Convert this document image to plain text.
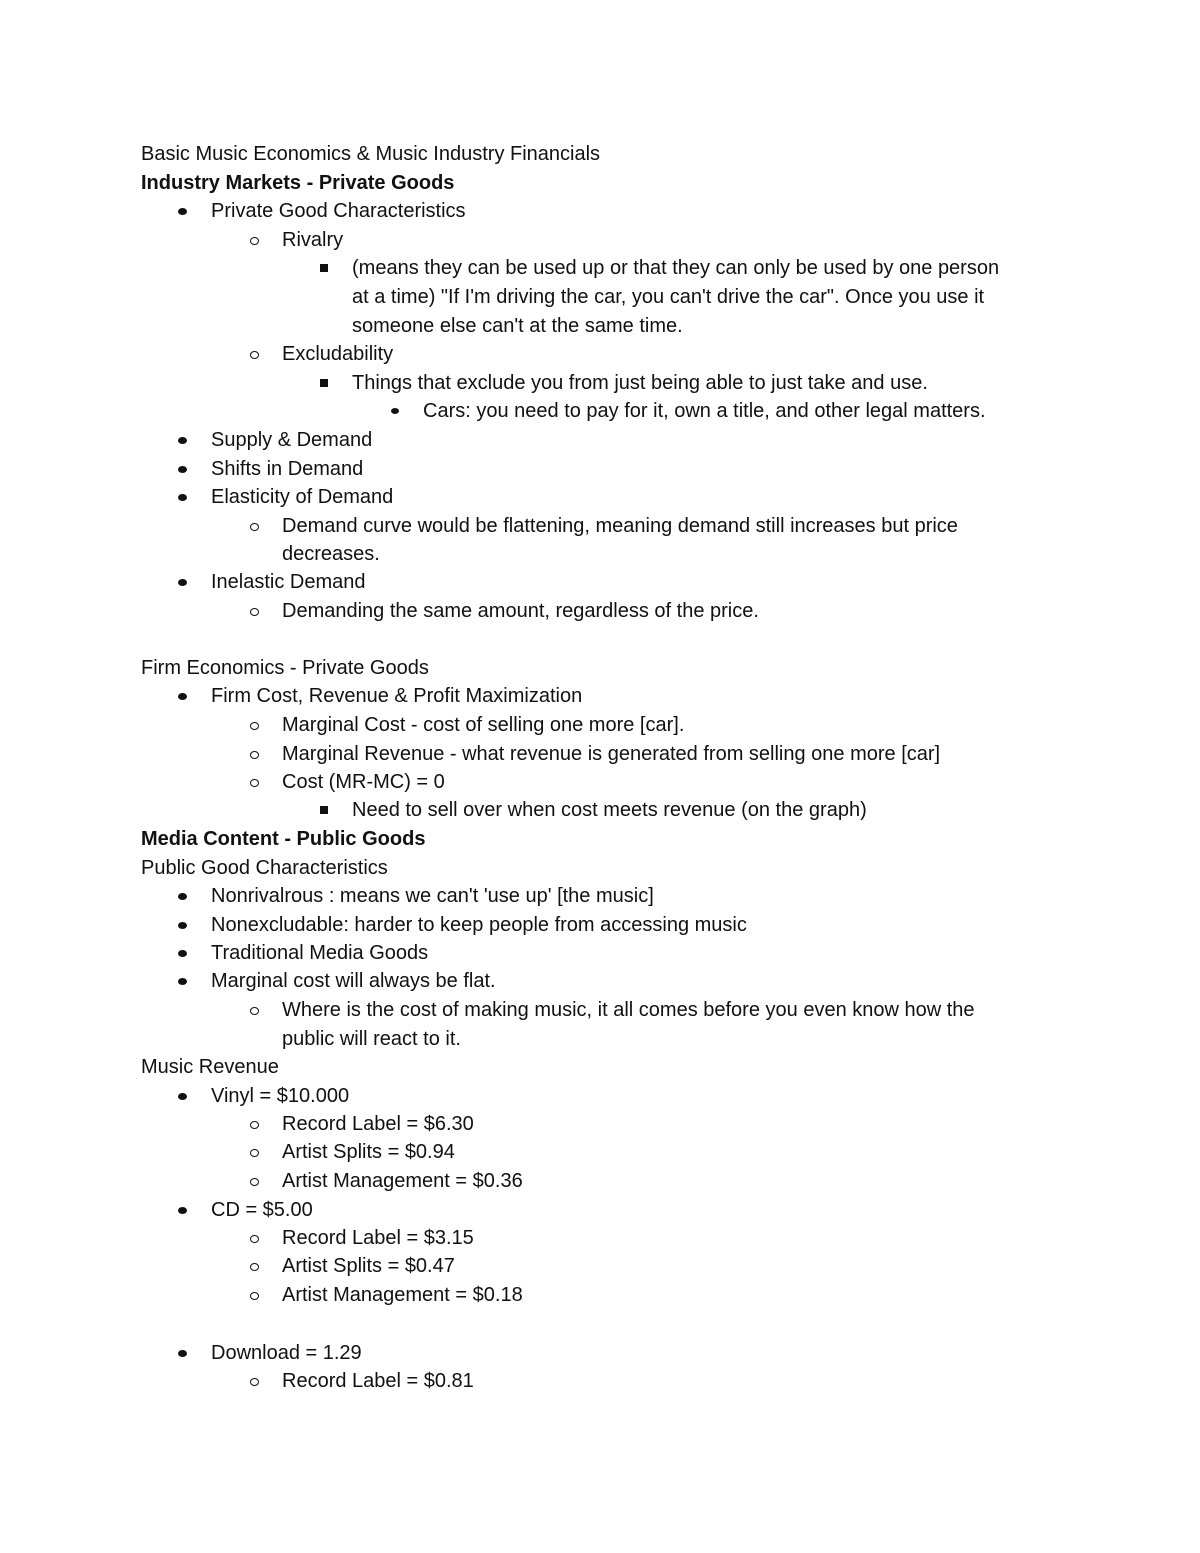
Basic Music Economics & Music Industry Financials
Industry Markets - Private Goods
Private Good Characteristics
Rivalry
(means they can be used up or that they can only be used by one person
at a time) "If I'm driving the car, you can't drive the car". Once you use it
someone else can't at the same time.
Excludability
Things that exclude you from just being able to just take and use.
Cars: you need to pay for it, own a title, and other legal matters.
Supply & Demand
Shifts in Demand
Elasticity of Demand
Demand curve would be flattening, meaning demand still increases but price
decreases.
Inelastic Demand
Demanding the same amount, regardless of the price.
Firm Economics - Private Goods
Firm Cost, Revenue & Profit Maximization
Marginal Cost - cost of selling one more [car].
Marginal Revenue - what revenue is generated from selling one more [car]
Cost (MR-MC) = 0
Need to sell over when cost meets revenue (on the graph)
Media Content - Public Goods
Public Good Characteristics
Nonrivalrous : means we can't 'use up' [the music]
Nonexcludable: harder to keep people from accessing music
Traditional Media Goods
Marginal cost will always be flat.
Where is the cost of making music, it all comes before you even know how the
public will react to it.
Music Revenue
Vinyl = $10.000
Record Label = $6.30
Artist Splits = $0.94
Artist Management = $0.36
CD = $5.00
Record Label = $3.15
Artist Splits = $0.47
Artist Management = $0.18
Download = 1.29
Record Label = $0.81
